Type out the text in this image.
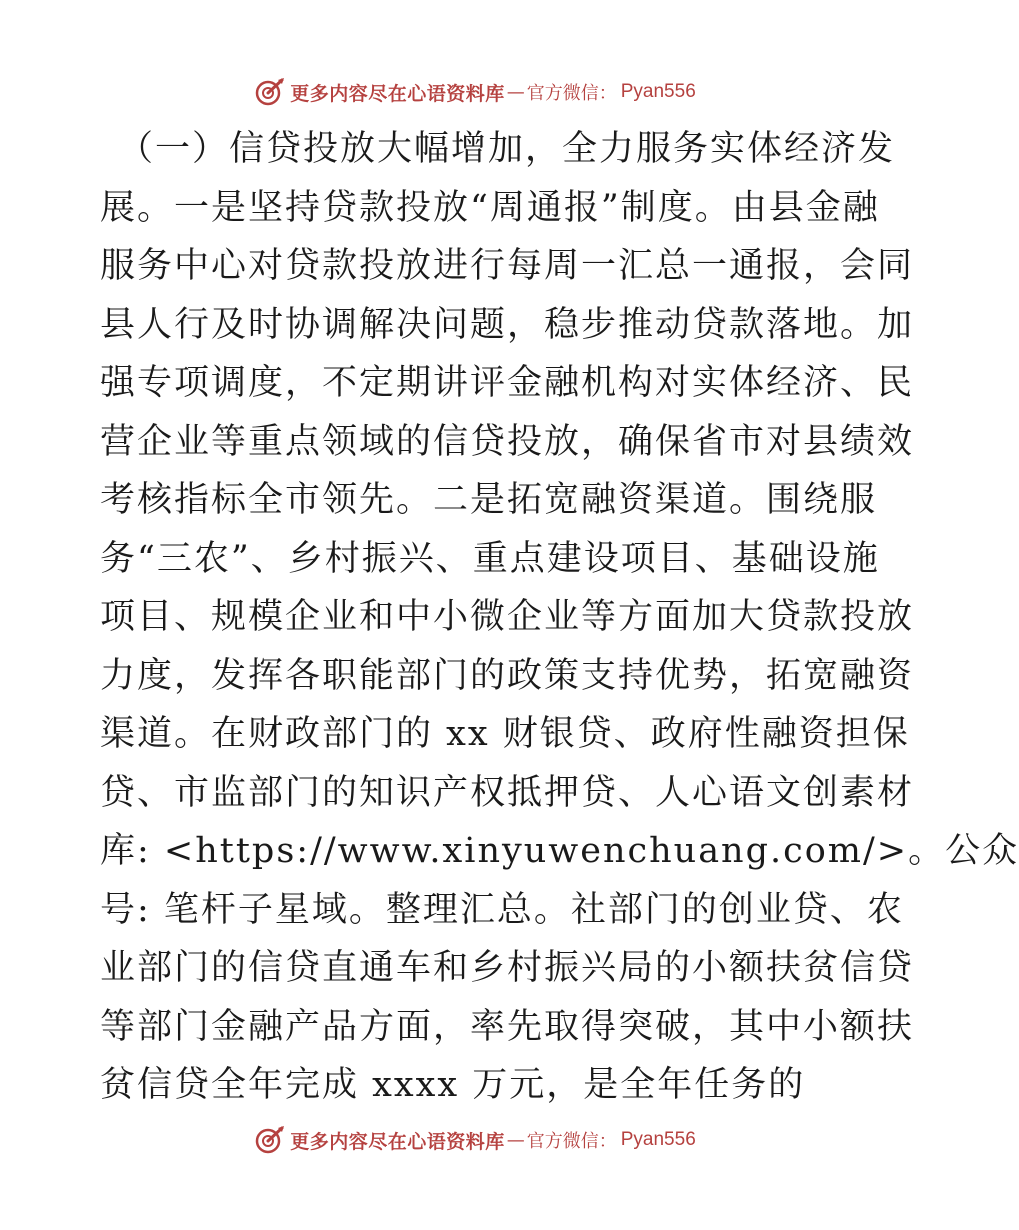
更多内容尽在心语资料库 — 官方微信： Pyan556
（一）信贷投放大幅增加，全力服务实体经济发
展。一是坚持贷款投放“周通报”制度。由县金融
服务中心对贷款投放进行每周一汇总一通报，会同
县人行及时协调解决问题，稳步推动贷款落地。加
强专项调度，不定期讲评金融机构对实体经济、民
营企业等重点领域的信贷投放，确保省市对县绩效
考核指标全市领先。二是拓宽融资渠道。围绕服
务“三农”、乡村振兴、重点建设项目、基础设施
项目、规模企业和中小微企业等方面加大贷款投放
力度，发挥各职能部门的政策支持优势，拓宽融资
渠道。在财政部门的 xx 财银贷、政府性融资担保
贷、市监部门的知识产权抵押贷、人心语文创素材
库: <https://www.xinyuwenchuang.com/>。公众
号: 笔杆子星域。整理汇总。社部门的创业贷、农
业部门的信贷直通车和乡村振兴局的小额扶贫信贷
等部门金融产品方面，率先取得突破，其中小额扶
贫信贷全年完成 xxxx 万元，是全年任务的
更多内容尽在心语资料库 — 官方微信： Pyan556
